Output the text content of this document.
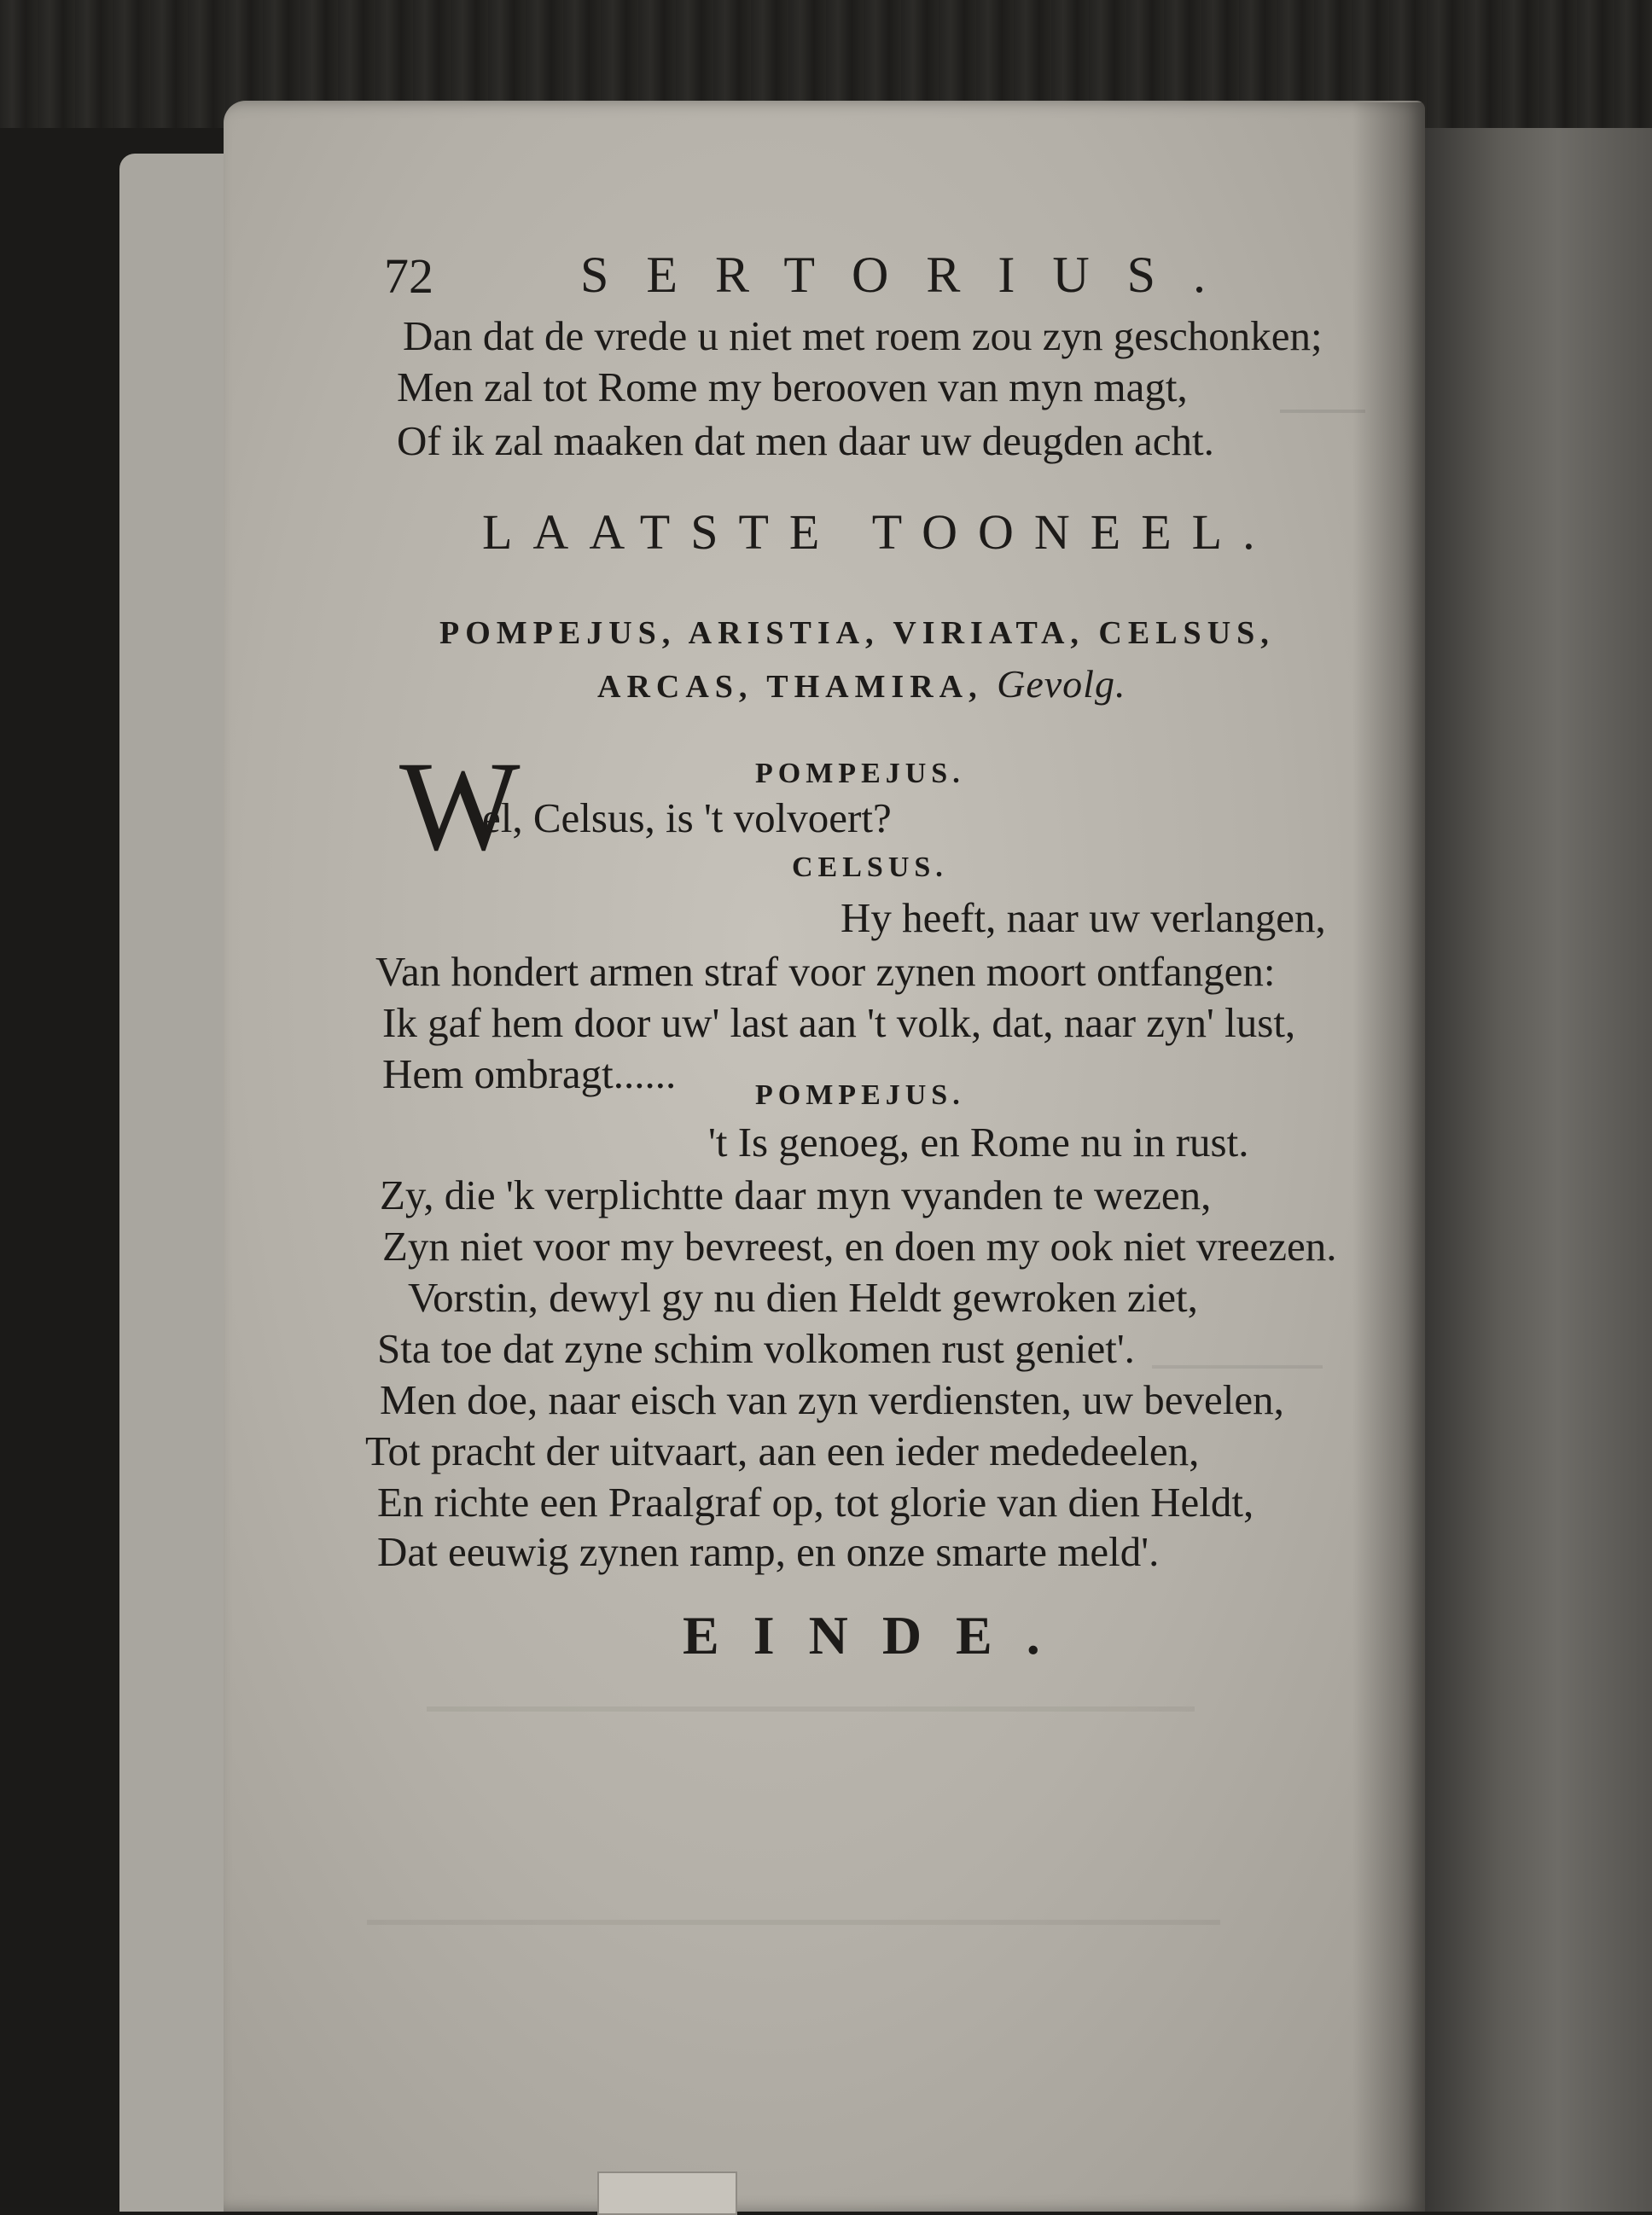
72	SERTORIUS.
Dan dat de vrede u niet met roem zou zyn geschonken;
Men zal tot Rome my berooven van myn magt,
Of ik zal maaken dat men daar uw deugden acht.
LAATSTE TOONEEL.
POMPEJUS, ARISTIA, VIRIATA, CELSUS,
ARCAS, THAMIRA, Gevolg.
POMPEJUS.
W
el, Celsus, is 't volvoert?
CELSUS.
Hy heeft, naar uw verlangen,
Van hondert armen straf voor zynen moort ontfangen:
Ik gaf hem door uw' last aan 't volk, dat, naar zyn' lust,
Hem ombragt......	POMPEJUS.
't Is genoeg, en Rome nu in rust.
Zy, die 'k verplichtte daar myn vyanden te wezen,
Zyn niet voor my bevreest, en doen my ook niet vreezen.
Vorstin, dewyl gy nu dien Heldt gewroken ziet,
Sta toe dat zyne schim volkomen rust geniet'.
Men doe, naar eisch van zyn verdiensten, uw bevelen,
Tot pracht der uitvaart, aan een ieder mededeelen,
En richte een Praalgraf op, tot glorie van dien Heldt,
Dat eeuwig zynen ramp, en onze smarte meld'.
EINDE.
